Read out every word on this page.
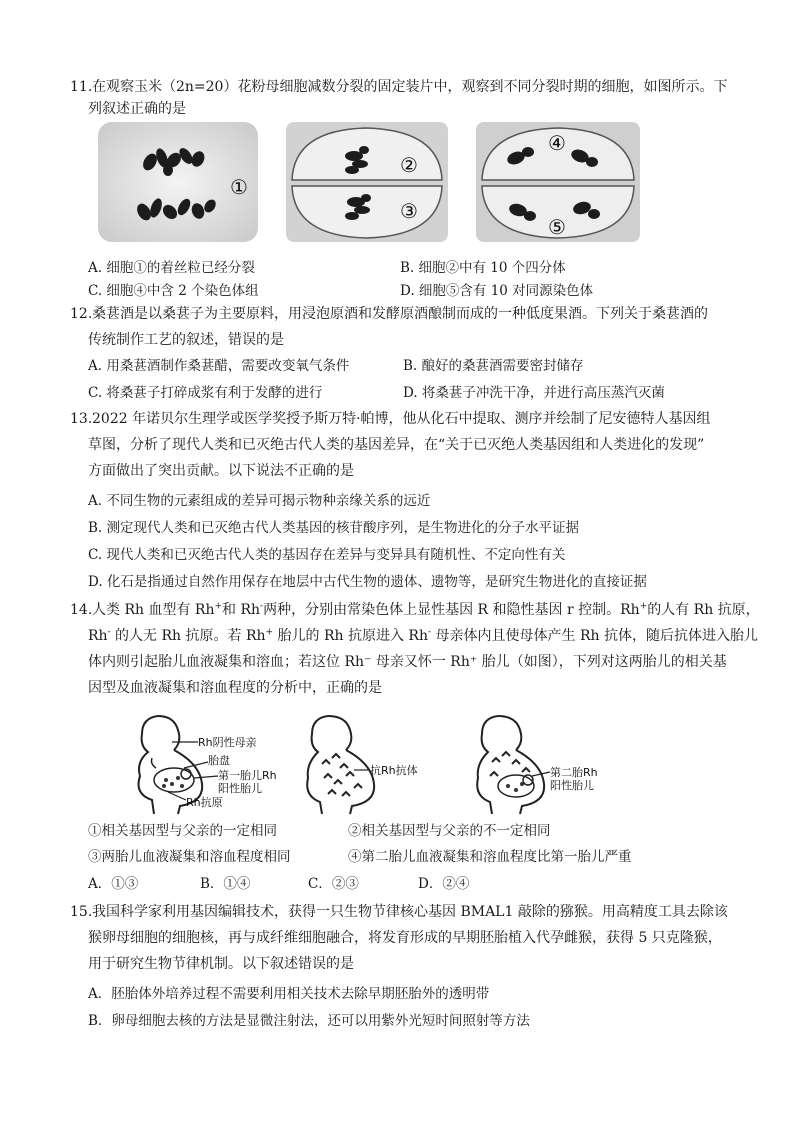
11. 在观察玉米（2n=20）花粉母细胞减数分裂的固定装片中，观察到不同分裂时期的细胞，如图所示。下
列叙述正确的是
①
②
③
④
⑤
A. 细胞①的着丝粒已经分裂	B. 细胞②中有 10 个四分体
C. 细胞④中含 2 个染色体组	D. 细胞⑤含有 10 对同源染色体
12. 桑葚酒是以桑葚子为主要原料，用浸泡原酒和发酵原酒酿制而成的一种低度果酒。下列关于桑葚酒的
传统制作工艺的叙述，错误的是
A. 用桑葚酒制作桑葚醋，需要改变氧气条件	B. 酿好的桑葚酒需要密封储存
C. 将桑葚子打碎成浆有利于发酵的进行	D. 将桑葚子冲洗干净，并进行高压蒸汽灭菌
13. 2022 年诺贝尔生理学或医学奖授予斯万特·帕博，他从化石中提取、测序并绘制了尼安德特人基因组
草图，分析了现代人类和已灭绝古代人类的基因差异，在“关于已灭绝人类基因组和人类进化的发现”
方面做出了突出贡献。以下说法不正确的是
A. 不同生物的元素组成的差异可揭示物种亲缘关系的远近
B. 测定现代人类和已灭绝古代人类基因的核苷酸序列，是生物进化的分子水平证据
C. 现代人类和已灭绝古代人类的基因存在差异与变异具有随机性、不定向性有关
D. 化石是指通过自然作用保存在地层中古代生物的遗体、遗物等，是研究生物进化的直接证据
14. 人类 Rh 血型有 Rh+和 Rh-两种，分别由常染色体上显性基因 R 和隐性基因 r 控制。Rh+的人有 Rh 抗原，
Rh- 的人无 Rh 抗原。若 Rh+ 胎儿的 Rh 抗原进入 Rh- 母亲体内且使母体产生 Rh 抗体，随后抗体进入胎儿
体内则引起胎儿血液凝集和溶血；若这位 Rh⁻ 母亲又怀一 Rh⁺ 胎儿（如图），下列对这两胎儿的相关基
因型及血液凝集和溶血程度的分析中，正确的是
Rh阴性母亲
胎盘
第一胎儿Rh
阳性胎儿
Rh抗原
抗Rh抗体	第二胎Rh
阳性胎儿
①相关基因型与父亲的一定相同	②相关基因型与父亲的不一定相同
③两胎儿血液凝集和溶血程度相同	④第二胎儿血液凝集和溶血程度比第一胎儿严重
A．①③	B．①④	C．②③	D．②④
15. 我国科学家利用基因编辑技术，获得一只生物节律核心基因 BMAL1 敲除的猕猴。用高精度工具去除该
猴卵母细胞的细胞核，再与成纤维细胞融合，将发育形成的早期胚胎植入代孕雌猴，获得 5 只克隆猴，
用于研究生物节律机制。以下叙述错误的是
A．胚胎体外培养过程不需要利用相关技术去除早期胚胎外的透明带
B．卵母细胞去核的方法是显微注射法，还可以用紫外光短时间照射等方法
